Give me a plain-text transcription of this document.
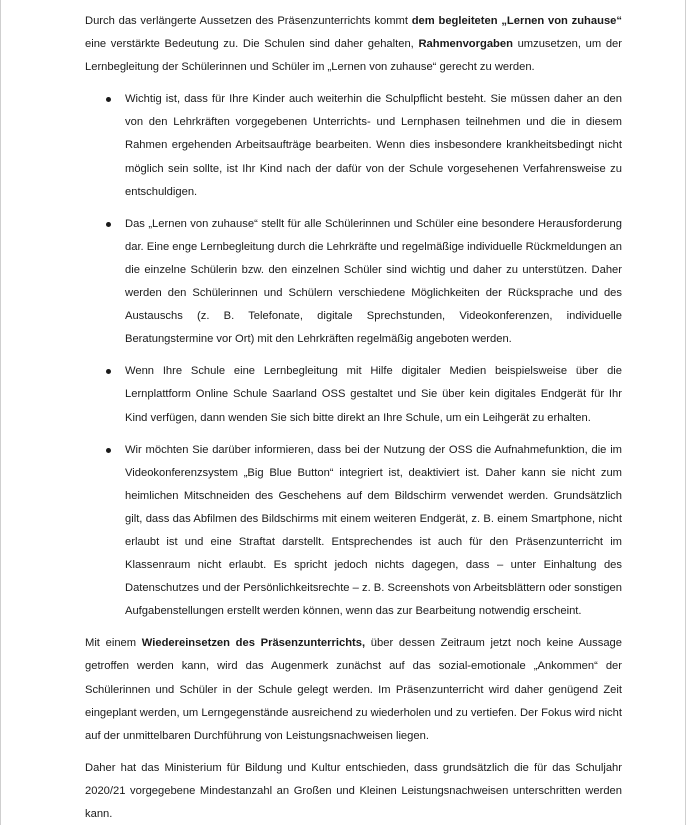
Durch das verlängerte Aussetzen des Präsenzunterrichts kommt dem begleiteten „Lernen von zuhause“ eine verstärkte Bedeutung zu. Die Schulen sind daher gehalten, Rahmenvorgaben umzusetzen, um der Lernbegleitung der Schülerinnen und Schüler im „Lernen von zuhause“ gerecht zu werden.

Wichtig ist, dass für Ihre Kinder auch weiterhin die Schulpflicht besteht. Sie müssen daher an den von den Lehrkräften vorgegebenen Unterrichts- und Lernphasen teilnehmen und die in diesem Rahmen ergehenden Arbeitsaufträge bearbeiten. Wenn dies insbesondere krankheitsbedingt nicht möglich sein sollte, ist Ihr Kind nach der dafür von der Schule vorgesehenen Verfahrensweise zu entschuldigen.
Das „Lernen von zuhause“ stellt für alle Schülerinnen und Schüler eine besondere Herausforderung dar. Eine enge Lernbegleitung durch die Lehrkräfte und regelmäßige individuelle Rückmeldungen an die einzelne Schülerin bzw. den einzelnen Schüler sind wichtig und daher zu unterstützen. Daher werden den Schülerinnen und Schülern verschiedene Möglichkeiten der Rücksprache und des Austauschs (z. B. Telefonate, digitale Sprechstunden, Videokonferenzen, individuelle Beratungstermine vor Ort) mit den Lehrkräften regelmäßig angeboten werden.
Wenn Ihre Schule eine Lernbegleitung mit Hilfe digitaler Medien beispielsweise über die Lernplattform Online Schule Saarland OSS gestaltet und Sie über kein digitales Endgerät für Ihr Kind verfügen, dann wenden Sie sich bitte direkt an Ihre Schule, um ein Leihgerät zu erhalten.
Wir möchten Sie darüber informieren, dass bei der Nutzung der OSS die Aufnahmefunktion, die im Videokonferenzsystem „Big Blue Button“ integriert ist, deaktiviert ist. Daher kann sie nicht zum heimlichen Mitschneiden des Geschehens auf dem Bildschirm verwendet werden. Grundsätzlich gilt, dass das Abfilmen des Bildschirms mit einem weiteren Endgerät, z. B. einem Smartphone, nicht erlaubt ist und eine Straftat darstellt. Entsprechendes ist auch für den Präsenzunterricht im Klassenraum nicht erlaubt. Es spricht jedoch nichts dagegen, dass – unter Einhaltung des Datenschutzes und der Persönlichkeitsrechte – z. B. Screenshots von Arbeitsblättern oder sonstigen Aufgabenstellungen erstellt werden können, wenn das zur Bearbeitung notwendig erscheint.

Mit einem Wiedereinsetzen des Präsenzunterrichts, über dessen Zeitraum jetzt noch keine Aussage getroffen werden kann, wird das Augenmerk zunächst auf das sozial-emotionale „Ankommen“ der Schülerinnen und Schüler in der Schule gelegt werden. Im Präsenzunterricht wird daher genügend Zeit eingeplant werden, um Lerngegenstände ausreichend zu wiederholen und zu vertiefen. Der Fokus wird nicht auf der unmittelbaren Durchführung von Leistungsnachweisen liegen.

Daher hat das Ministerium für Bildung und Kultur entschieden, dass grundsätzlich die für das Schuljahr 2020/21 vorgegebene Mindestanzahl an Großen und Kleinen Leistungsnachweisen unterschritten werden kann.
